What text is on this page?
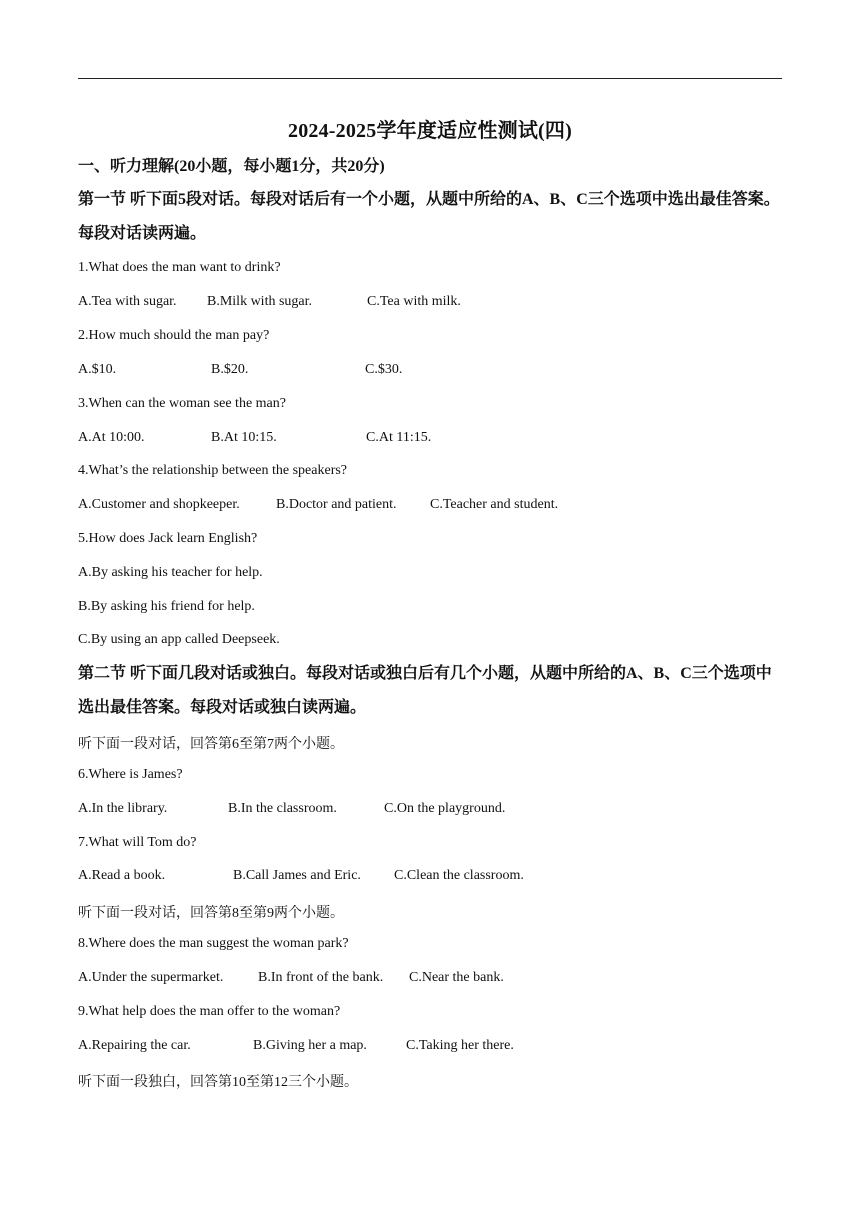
2024-2025学年度适应性测试(四)
一、听力理解(20小题，每小题1分，共20分)
第一节 听下面5段对话。每段对话后有一个小题，从题中所给的A、B、C三个选项中选出最佳答案。每段对话读两遍。
1.What does the man want to drink?
A.Tea with sugar. B.Milk with sugar.	C.Tea with milk.
2.How much should the man pay?
A.$10.	B.$20.	C.$30.
3.When can the woman see the man?
A.At 10:00.	B.At 10:15.	C.At 11:15.
4.What’s the relationship between the speakers?
A.Customer and shopkeeper.	B.Doctor and patient. C.Teacher and student.
5.How does Jack learn English?
A.By asking his teacher for help.
B.By asking his friend for help.
C.By using an app called Deepseek.
第二节 听下面几段对话或独白。每段对话或独白后有几个小题，从题中所给的A、B、C三个选项中选出最佳答案。每段对话或独白读两遍。
听下面一段对话，回答第6至第7两个小题。
6.Where is James?
A.In the library.	B.In the classroom.	C.On the playground.
7.What will Tom do?
A.Read a book.	B.Call James and Eric. C.Clean the classroom.
听下面一段对话，回答第8至第9两个小题。
8.Where does the man suggest the woman park?
A.Under the supermarket. B.In front of the bank. C.Near the bank.
9.What help does the man offer to the woman?
A.Repairing the car.	B.Giving her a map.	C.Taking her there.
听下面一段独白，回答第10至第12三个小题。
